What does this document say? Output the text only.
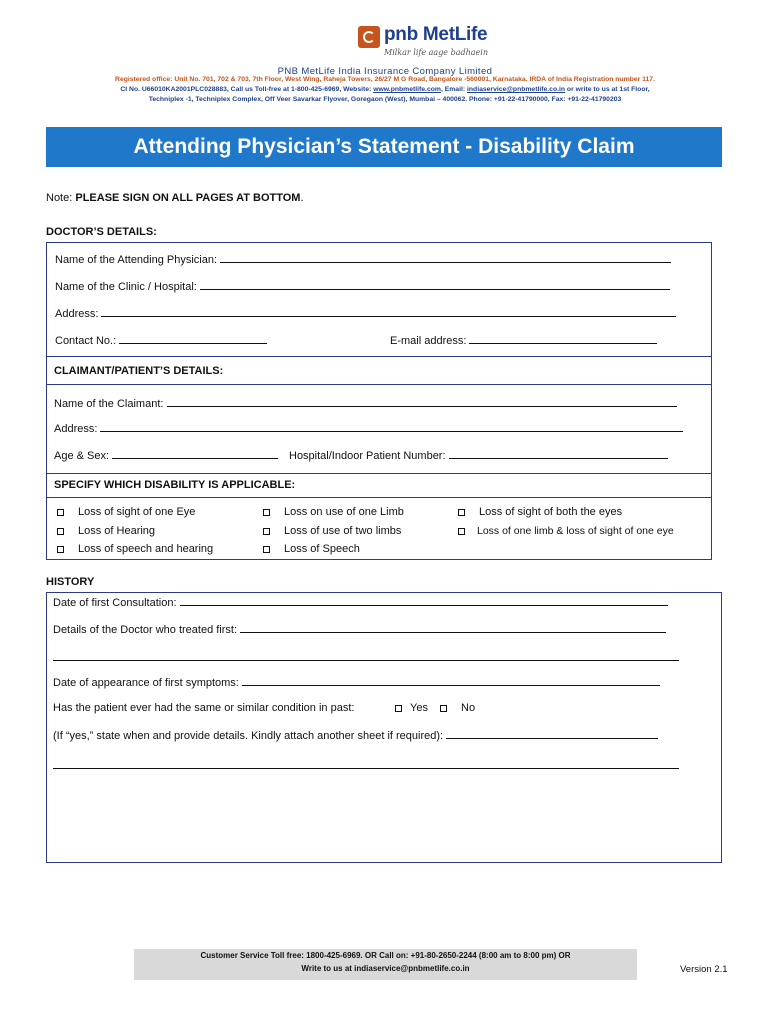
pnb MetLife
Milkar life aage badhaein
PNB MetLife India Insurance Company Limited
Registered office: Unit No. 701, 702 & 703, 7th Floor, West Wing, Raheja Towers, 26/27 M G Road, Bangalore -560001, Karnataka. IRDA of India Registration number 117.
CI No. U66010KA2001PLC028883, Call us Toll-free at 1-800-425-6969, Website: www.pnbmetlife.com, Email: indiaservice@pnbmetlife.co.in or write to us at 1st Floor,
Techniplex -1, Techniplex Complex, Off Veer Savarkar Flyover, Goregaon (West), Mumbai – 400062. Phone: +91-22-41790000, Fax: +91-22-41790203
Attending Physician’s Statement - Disability Claim
Note: PLEASE SIGN ON ALL PAGES AT BOTTOM.
DOCTOR’S DETAILS:
Name of the Attending Physician:
Name of the Clinic / Hospital:
Address:
Contact No.:	E-mail address:
CLAIMANT/PATIENT’S DETAILS:
Name of the Claimant:
Address:
Age & Sex:	Hospital/Indoor Patient Number:
SPECIFY WHICH DISABILITY IS APPLICABLE:
Loss of sight of one Eye	Loss on use of one Limb	Loss of sight of both the eyes
Loss of Hearing	Loss of use of two limbs	Loss of one limb & loss of sight of one eye
Loss of speech and hearing	Loss of Speech
HISTORY
Date of first Consultation:
Details of the Doctor who treated first:
Date of appearance of first symptoms:
Has the patient ever had the same or similar condition in past:	Yes	No
(If “yes,” state when and provide details. Kindly attach another sheet if required):
Customer Service Toll free: 1800-425-6969. OR Call on: +91-80-2650-2244 (8:00 am to 8:00 pm) OR
Write to us at indiaservice@pnbmetlife.co.in	Version 2.1
